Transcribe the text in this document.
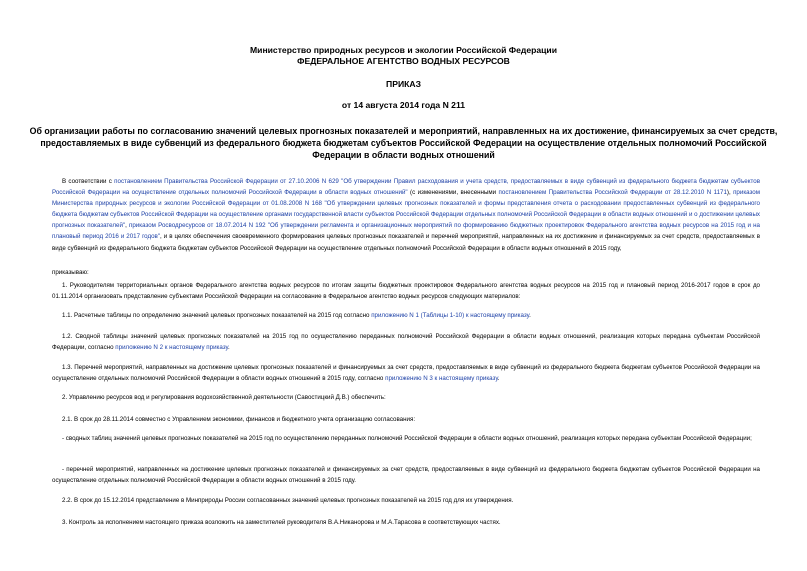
Министерство природных ресурсов и экологии Российской Федерации
ФЕДЕРАЛЬНОЕ АГЕНТСТВО ВОДНЫХ РЕСУРСОВ
ПРИКАЗ
от 14 августа 2014 года N 211
Об организации работы по согласованию значений целевых прогнозных показателей и мероприятий, направленных на их достижение, финансируемых за счет средств, предоставляемых в виде субвенций из федерального бюджета бюджетам субъектов Российской Федерации на осуществление отдельных полномочий Российской Федерации в области водных отношений
В соответствии с постановлением Правительства Российской Федерации от 27.10.2006 N 629 "Об утверждении Правил расходования и учета средств, предоставляемых в виде субвенций из федерального бюджета бюджетам субъектов Российской Федерации на осуществление отдельных полномочий Российской Федерации в области водных отношений" (с изменениями, внесенными постановлением Правительства Российской Федерации от 28.12.2010 N 1171), приказом Министерства природных ресурсов и экологии Российской Федерации от 01.08.2008 N 168 "Об утверждении целевых прогнозных показателей и формы представления отчета о расходовании предоставленных субвенций из федерального бюджета бюджетам субъектов Российской Федерации на осуществление органами государственной власти субъектов Российской Федерации отдельных полномочий Российской Федерации в области водных отношений и о достижении целевых прогнозных показателей", приказом Росводресурсов от 18.07.2014 N 192 "Об утверждении регламента и организационных мероприятий по формированию бюджетных проектировок Федерального агентства водных ресурсов на 2015 год и на плановый период 2016 и 2017 годов", и в целях обеспечения своевременного формирования целевых прогнозных показателей и перечней мероприятий, направленных на их достижение и финансируемых за счет средств, предоставляемых в виде субвенций из федерального бюджета бюджетам субъектов Российской Федерации на осуществление отдельных полномочий Российской Федерации в области водных отношений в 2015 году,
приказываю:
1. Руководителям территориальных органов Федерального агентства водных ресурсов по итогам защиты бюджетных проектировок Федерального агентства водных ресурсов на 2015 год и плановый период 2016-2017 годов в срок до 01.11.2014 организовать представление субъектами Российской Федерации на согласование в Федеральное агентство водных ресурсов следующих материалов:
1.1. Расчетные таблицы по определению значений целевых прогнозных показателей на 2015 год согласно приложению N 1 (Таблицы 1-10) к настоящему приказу.
1.2. Сводной таблицы значений целевых прогнозных показателей на 2015 год по осуществлению переданных полномочий Российской Федерации в области водных отношений, реализация которых передана субъектам Российской Федерации, согласно приложению N 2 к настоящему приказу.
1.3. Перечней мероприятий, направленных на достижение целевых прогнозных показателей и финансируемых за счет средств, предоставляемых в виде субвенций из федерального бюджета бюджетам субъектов Российской Федерации на осуществление отдельных полномочий Российской Федерации в области водных отношений в 2015 году, согласно приложению N 3 к настоящему приказу.
2. Управлению ресурсов вод и регулирования водохозяйственной деятельности (Савостицкий Д.В.) обеспечить:
2.1. В срок до 28.11.2014 совместно с Управлением экономики, финансов и бюджетного учета организацию согласования:
- сводных таблиц значений целевых прогнозных показателей на 2015 год по осуществлению переданных полномочий Российской Федерации в области водных отношений, реализация которых передана субъектам Российской Федерации;
- перечней мероприятий, направленных на достижение целевых прогнозных показателей и финансируемых за счет средств, предоставляемых в виде субвенций из федерального бюджета бюджетам субъектов Российской Федерации на осуществление отдельных полномочий Российской Федерации в области водных отношений в 2015 году.
2.2. В срок до 15.12.2014 представление в Минприроды России согласованных значений целевых прогнозных показателей на 2015 год для их утверждения.
3. Контроль за исполнением настоящего приказа возложить на заместителей руководителя В.А.Никанорова и М.А.Тарасова в соответствующих частях.
